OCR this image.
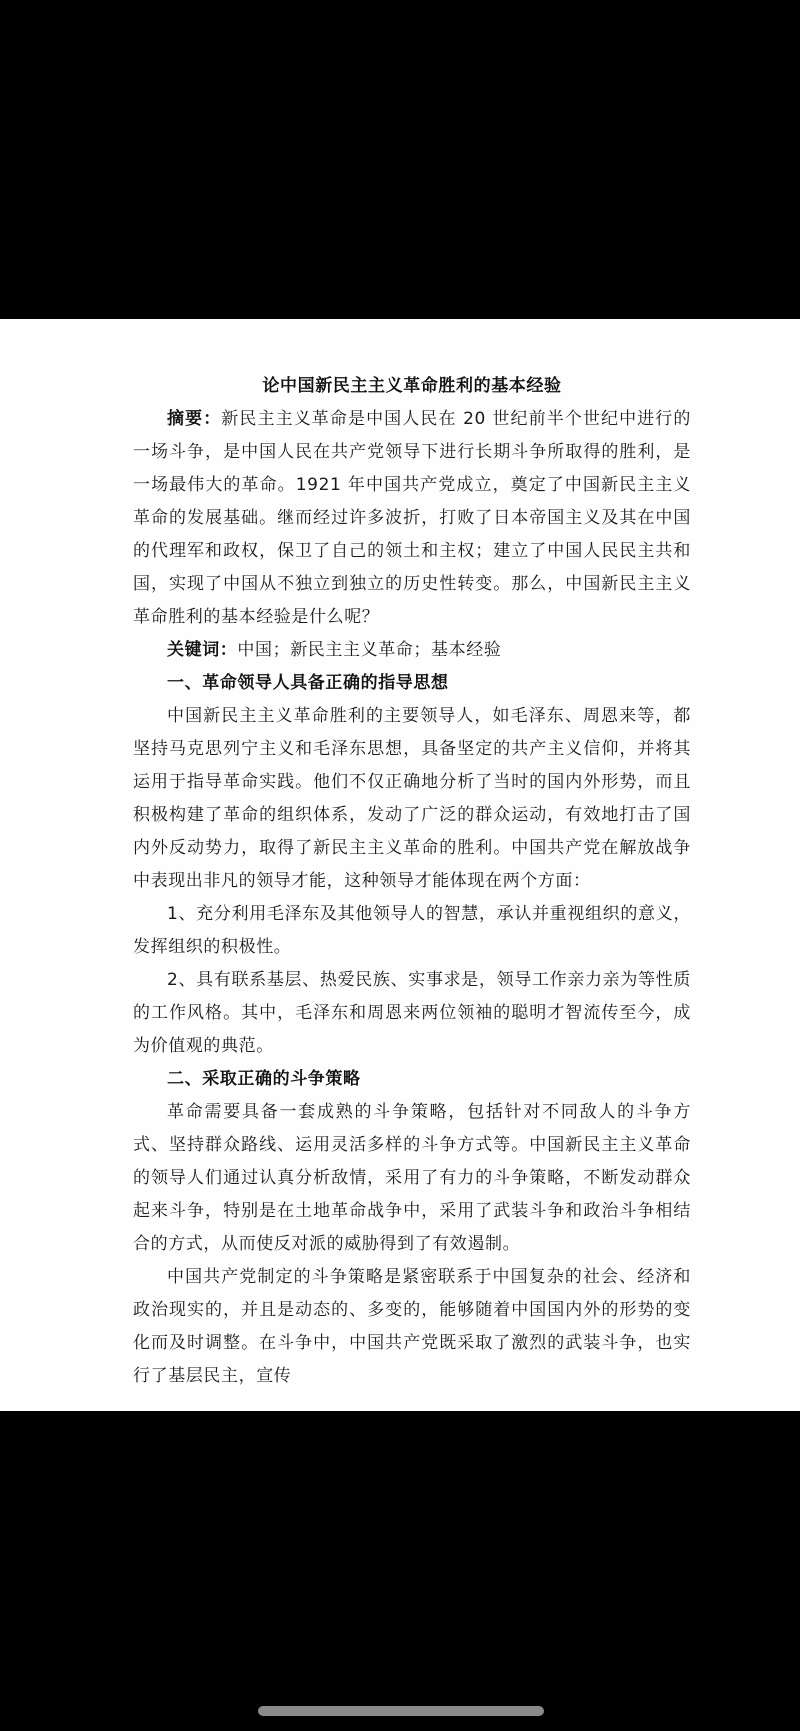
论中国新民主主义革命胜利的基本经验

摘要：新民主主义革命是中国人民在 20 世纪前半个世纪中进行的一场斗争，是中国人民在共产党领导下进行长期斗争所取得的胜利，是一场最伟大的革命。1921 年中国共产党成立，奠定了中国新民主主义革命的发展基础。继而经过许多波折，打败了日本帝国主义及其在中国的代理军和政权，保卫了自己的领土和主权；建立了中国人民民主共和国，实现了中国从不独立到独立的历史性转变。那么，中国新民主主义革命胜利的基本经验是什么呢？

关键词：中国；新民主主义革命；基本经验

一、革命领导人具备正确的指导思想

中国新民主主义革命胜利的主要领导人，如毛泽东、周恩来等，都坚持马克思列宁主义和毛泽东思想，具备坚定的共产主义信仰，并将其运用于指导革命实践。他们不仅正确地分析了当时的国内外形势，而且积极构建了革命的组织体系，发动了广泛的群众运动，有效地打击了国内外反动势力，取得了新民主主义革命的胜利。中国共产党在解放战争中表现出非凡的领导才能，这种领导才能体现在两个方面：

1、充分利用毛泽东及其他领导人的智慧，承认并重视组织的意义，发挥组织的积极性。

2、具有联系基层、热爱民族、实事求是，领导工作亲力亲为等性质的工作风格。其中，毛泽东和周恩来两位领袖的聪明才智流传至今，成为价值观的典范。

二、采取正确的斗争策略

革命需要具备一套成熟的斗争策略，包括针对不同敌人的斗争方式、坚持群众路线、运用灵活多样的斗争方式等。中国新民主主义革命的领导人们通过认真分析敌情，采用了有力的斗争策略，不断发动群众起来斗争，特别是在土地革命战争中，采用了武装斗争和政治斗争相结合的方式，从而使反对派的威胁得到了有效遏制。

中国共产党制定的斗争策略是紧密联系于中国复杂的社会、经济和政治现实的，并且是动态的、多变的，能够随着中国国内外的形势的变化而及时调整。在斗争中，中国共产党既采取了激烈的武装斗争，也实行了基层民主，宣传
